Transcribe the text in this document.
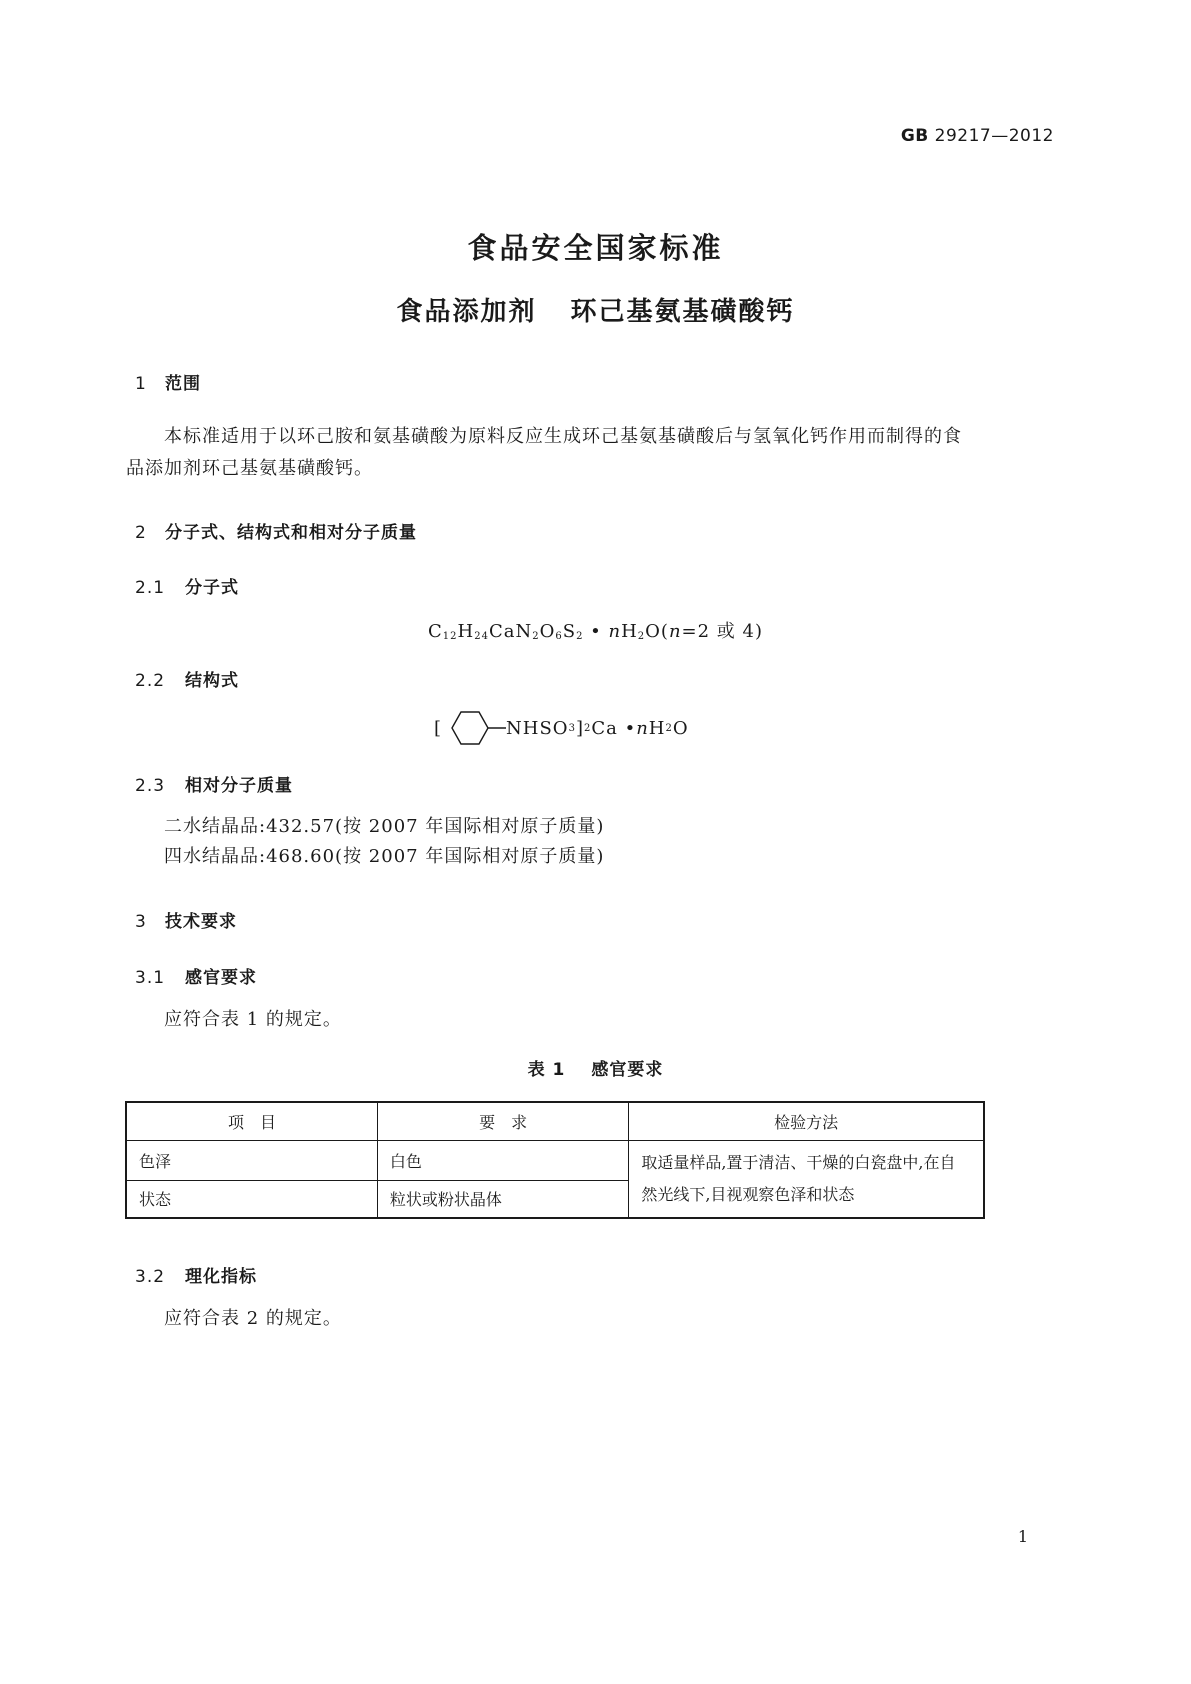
GB 29217—2012
食品安全国家标准
食品添加剂 环己基氨基磺酸钙
1 范围
本标准适用于以环己胺和氨基磺酸为原料反应生成环己基氨基磺酸后与氢氧化钙作用而制得的食
品添加剂环己基氨基磺酸钙。
2 分子式、结构式和相对分子质量
2.1 分子式
$C_{12}H_{24}CaN_2O_6S_2$ • $nH_2O(n=2$ 或 4)
2.2 结构式
[	NHSO 3 ] 2 Ca • n H 2 O
2.3 相对分子质量
二水结晶品:432.57(按 2007 年国际相对原子质量)
四水结晶品:468.60(按 2007 年国际相对原子质量)
3 技术要求
3.1 感官要求
应符合表 1 的规定。
表 1 感官要求
项　目	要　求	检验方法
色泽	白色	取适量样品,置于清洁、干燥的白瓷盘中,在自
然光线下,目视观察色泽和状态

状态	粒状或粉状晶体	
3.2 理化指标
应符合表 2 的规定。
1
